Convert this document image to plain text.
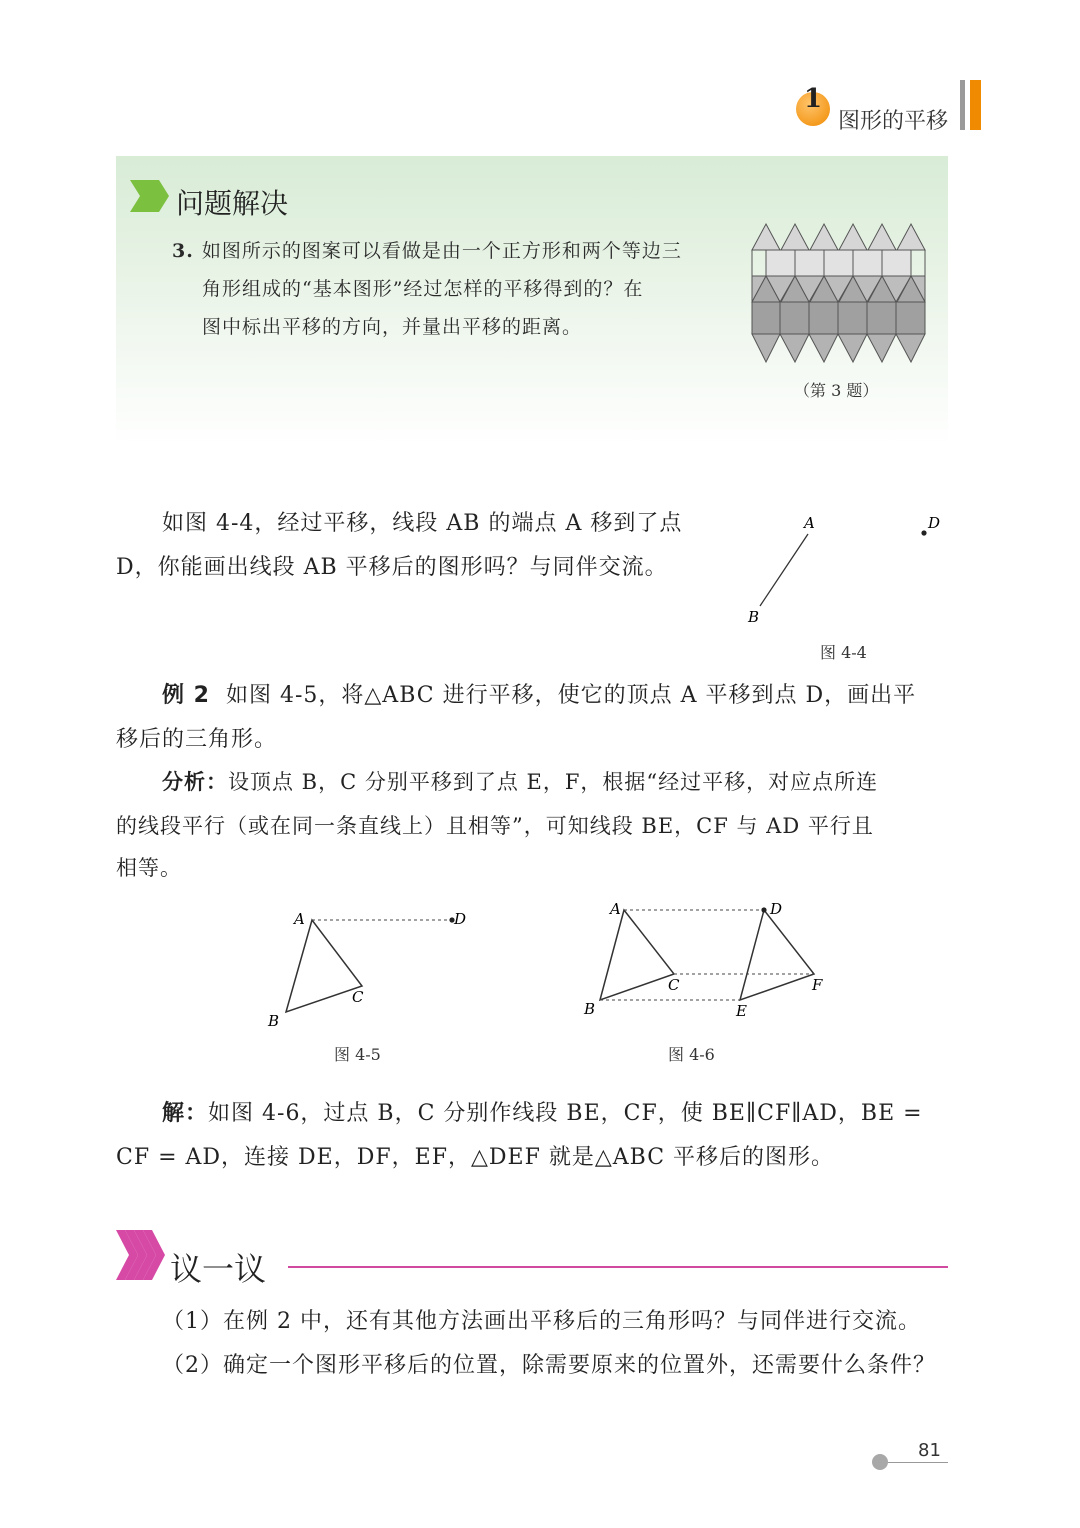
1
图形的平移
问题解决
3. 如图所示的图案可以看做是由一个正方形和两个等边三
角形组成的“基本图形”经过怎样的平移得到的？在
图中标出平移的方向，并量出平移的距离。
（第 3 题）
如图 4-4，经过平移，线段 AB 的端点 A 移到了点
D，你能画出线段 AB 平移后的图形吗？与同伴交流。
A
B
D
图 4-4
例 2 如图 4-5，将△ABC 进行平移，使它的顶点 A 平移到点 D，画出平
移后的三角形。
分析：设顶点 B，C 分别平移到了点 E，F，根据“经过平移，对应点所连
的线段平行（或在同一条直线上）且相等”，可知线段 BE，CF 与 AD 平行且
相等。
A
B
C
D
图 4-5
A
B
C
D
E
F
图 4-6
解：如图 4-6，过点 B，C 分别作线段 BE，CF，使 BE∥CF∥AD，BE =
CF = AD，连接 DE，DF，EF，△DEF 就是△ABC 平移后的图形。
议一议
（1）在例 2 中，还有其他方法画出平移后的三角形吗？与同伴进行交流。
（2）确定一个图形平移后的位置，除需要原来的位置外，还需要什么条件？
81
